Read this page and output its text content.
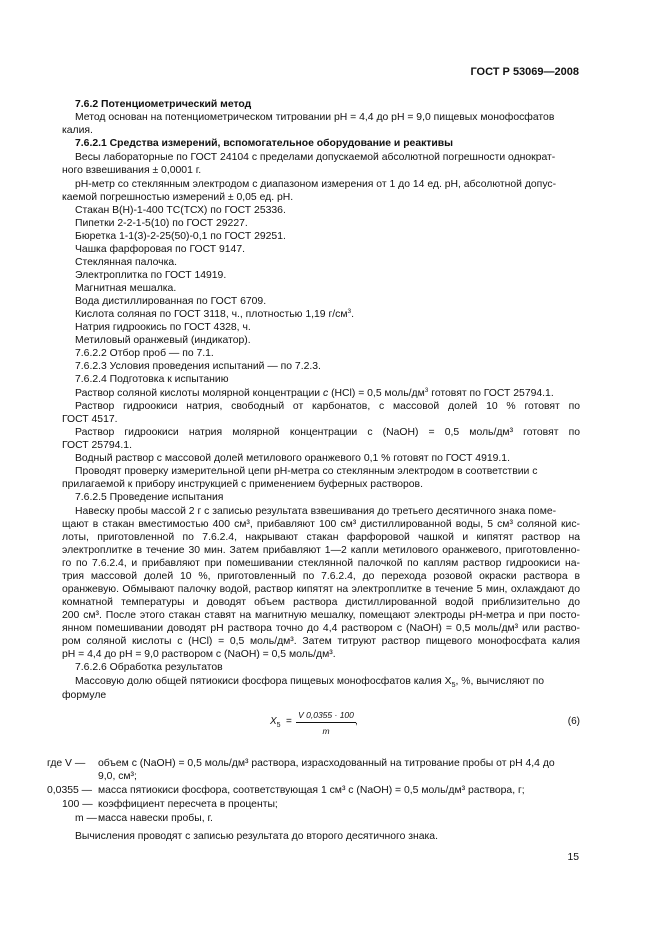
ГОСТ Р 53069—2008
7.6.2 Потенциометрический метод
Метод основан на потенциометрическом титровании pH = 4,4 до pH = 9,0 пищевых монофосфатов
калия.
7.6.2.1 Средства измерений, вспомогательное оборудование и реактивы
Весы лабораторные по ГОСТ 24104 с пределами допускаемой абсолютной погрешности однократ-
ного взвешивания ± 0,0001 г.
pH-метр со стеклянным электродом с диапазоном измерения от 1 до 14 ед. pH, абсолютной допус-
каемой погрешностью измерений ± 0,05 ед. pH.
Стакан В(Н)-1-400 ТС(ТСХ) по ГОСТ 25336.
Пипетки 2-2-1-5(10) по ГОСТ 29227.
Бюретка 1-1(3)-2-25(50)-0,1 по ГОСТ 29251.
Чашка фарфоровая по ГОСТ 9147.
Стеклянная палочка.
Электроплитка по ГОСТ 14919.
Магнитная мешалка.
Вода дистиллированная по ГОСТ 6709.
Кислота соляная по ГОСТ 3118, ч., плотностью 1,19 $г/см^3$.
Натрия гидроокись по ГОСТ 4328, ч.
Метиловый оранжевый (индикатор).
7.6.2.2 Отбор проб — по 7.1.
7.6.2.3 Условия проведения испытаний — по 7.2.3.
7.6.2.4 Подготовка к испытанию
Раствор соляной кислоты молярной концентрации c (HCl) = 0,5 моль/$дм^3$ готовят по ГОСТ 25794.1.
Раствор гидроокиси натрия, свободный от карбонатов, с массовой долей 10 % готовят по
ГОСТ 4517.
Раствор гидроокиси натрия молярной концентрации c (NaOH) = 0,5 моль/дм³ готовят по
ГОСТ 25794.1.
Водный раствор с массовой долей метилового оранжевого 0,1 % готовят по ГОСТ 4919.1.
Проводят проверку измерительной цепи pH-метра со стеклянным электродом в соответствии с
прилагаемой к прибору инструкцией с применением буферных растворов.
7.6.2.5 Проведение испытания
Навеску пробы массой 2 г с записью результата взвешивания до третьего десятичного знака поме-
щают в стакан вместимостью 400 см³, прибавляют 100 см³ дистиллированной воды, 5 см³ соляной кис-
лоты, приготовленной по 7.6.2.4, накрывают стакан фарфоровой чашкой и кипятят раствор на
электроплитке в течение 30 мин. Затем прибавляют 1—2 капли метилового оранжевого, приготовленно-
го по 7.6.2.4, и прибавляют при помешивании стеклянной палочкой по каплям раствор гидроокиси на-
трия массовой долей 10 %, приготовленный по 7.6.2.4, до перехода розовой окраски раствора в
оранжевую. Обмывают палочку водой, раствор кипятят на электроплитке в течение 5 мин, охлаждают до
комнатной температуры и доводят объем раствора дистиллированной водой приблизительно до
200 см³. После этого стакан ставят на магнитную мешалку, помещают электроды pH-метра и при посто-
янном помешивании доводят pH раствора точно до 4,4 раствором c (NaOH) = 0,5 моль/дм³ или раство-
ром соляной кислоты c (HCl) = 0,5 моль/дм³. Затем титруют раствор пищевого монофосфата калия
pH = 4,4 до pH = 9,0 раствором c (NaOH) = 0,5 моль/дм³.
7.6.2.6 Обработка результатов
Массовую долю общей пятиокиси фосфора пищевых монофосфатов калия $X_5$, %, вычисляют по
формуле
$X_5$ =
V 0,0355 · 100
m
,	(6)
где V — объем c (NaOH) = 0,5 моль/дм³ раствора, израсходованный на титрование пробы от pH 4,4 до
9,0, см³;
0,0355 — масса пятиокиси фосфора, соответствующая 1 см³ c (NaOH) = 0,5 моль/дм³ раствора, г;
100 — коэффициент пересчета в проценты;
m — масса навески пробы, г.
Вычисления проводят с записью результата до второго десятичного знака.
15
